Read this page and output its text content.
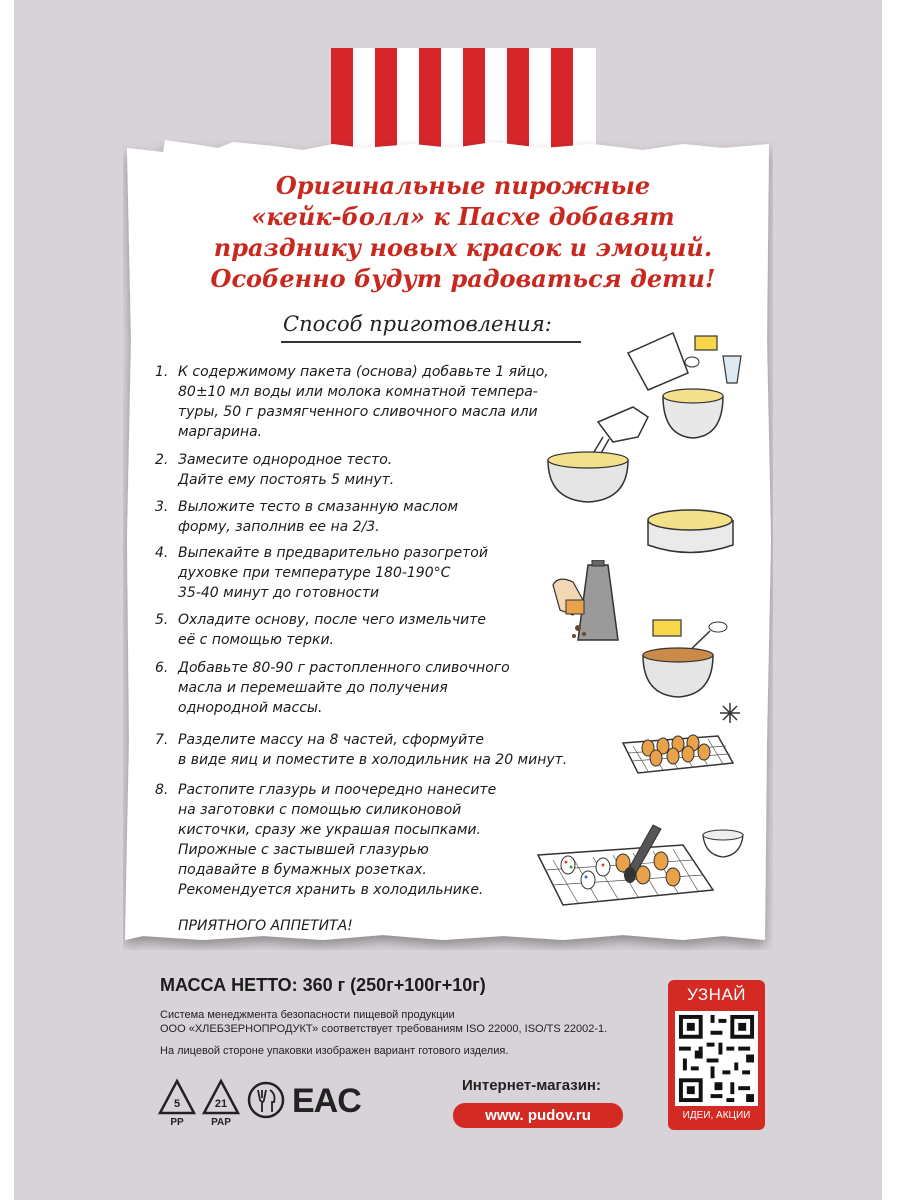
Оригинальные пирожные
«кейк-болл» к Пасхе добавят
празднику новых красок и эмоций.
Особенно будут радоваться дети!
Способ приготовления:
1. К содержимому пакета (основа) добавьте 1 яйцо,
80±10 мл воды или молока комнатной темпера-
туры, 50 г размягченного сливочного масла или
маргарина.
2. Замесите однородное тесто.
Дайте ему постоять 5 минут.
3. Выложите тесто в смазанную маслом
форму, заполнив ее на 2/3.
4. Выпекайте в предварительно разогретой
духовке при температуре 180-190°С
35-40 минут до готовности
5. Охладите основу, после чего измельчите
её с помощью терки.
6. Добавьте 80-90 г растопленного сливочного
масла и перемешайте до получения
однородной массы.
7. Разделите массу на 8 частей, сформуйте
в виде яиц и поместите в холодильник на 20 минут.
8. Растопите глазурь и поочередно нанесите
на заготовки с помощью силиконовой
кисточки, сразу же украшая посыпками.
Пирожные с застывшей глазурью
подавайте в бумажных розетках.
Рекомендуется хранить в холодильнике.
ПРИЯТНОГО АППЕТИТА!
МАССА НЕТТО: 360 г (250г+100г+10г)
Система менеджмента безопасности пищевой продукции
ООО «ХЛЕБЗЕРНОПРОДУКТ» соответствует требованиям ISO 22000, ISO/TS 22002-1.
На лицевой стороне упаковки изображен вариант готового изделия.
5
PP
21
PAP
EAC	Интернет-магазин:
www. pudov.ru
УЗНАЙ
ИДЕИ, АКЦИИ
